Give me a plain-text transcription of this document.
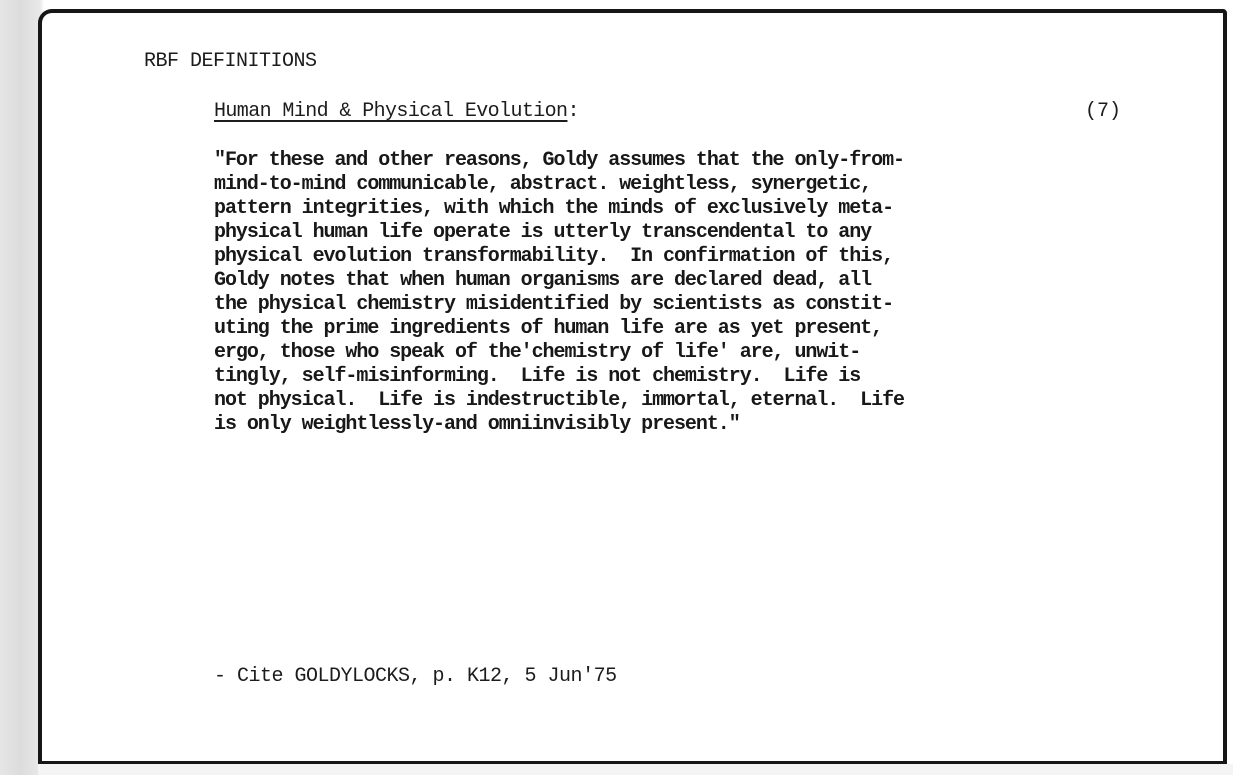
RBF DEFINITIONS
Human Mind & Physical Evolution:	(7)
"For these and other reasons, Goldy assumes that the only-from-
mind-to-mind communicable, abstract. weightless, synergetic,
pattern integrities, with which the minds of exclusively meta-
physical human life operate is utterly transcendental to any
physical evolution transformability.  In confirmation of this,
Goldy notes that when human organisms are declared dead, all
the physical chemistry misidentified by scientists as constit-
uting the prime ingredients of human life are as yet present,
ergo, those who speak of the'chemistry of life' are, unwit-
tingly, self-misinforming.  Life is not chemistry.  Life is
not physical.  Life is indestructible, immortal, eternal.  Life
is only weightlessly-and omniinvisibly present."
- Cite GOLDYLOCKS, p. K12, 5 Jun'75
